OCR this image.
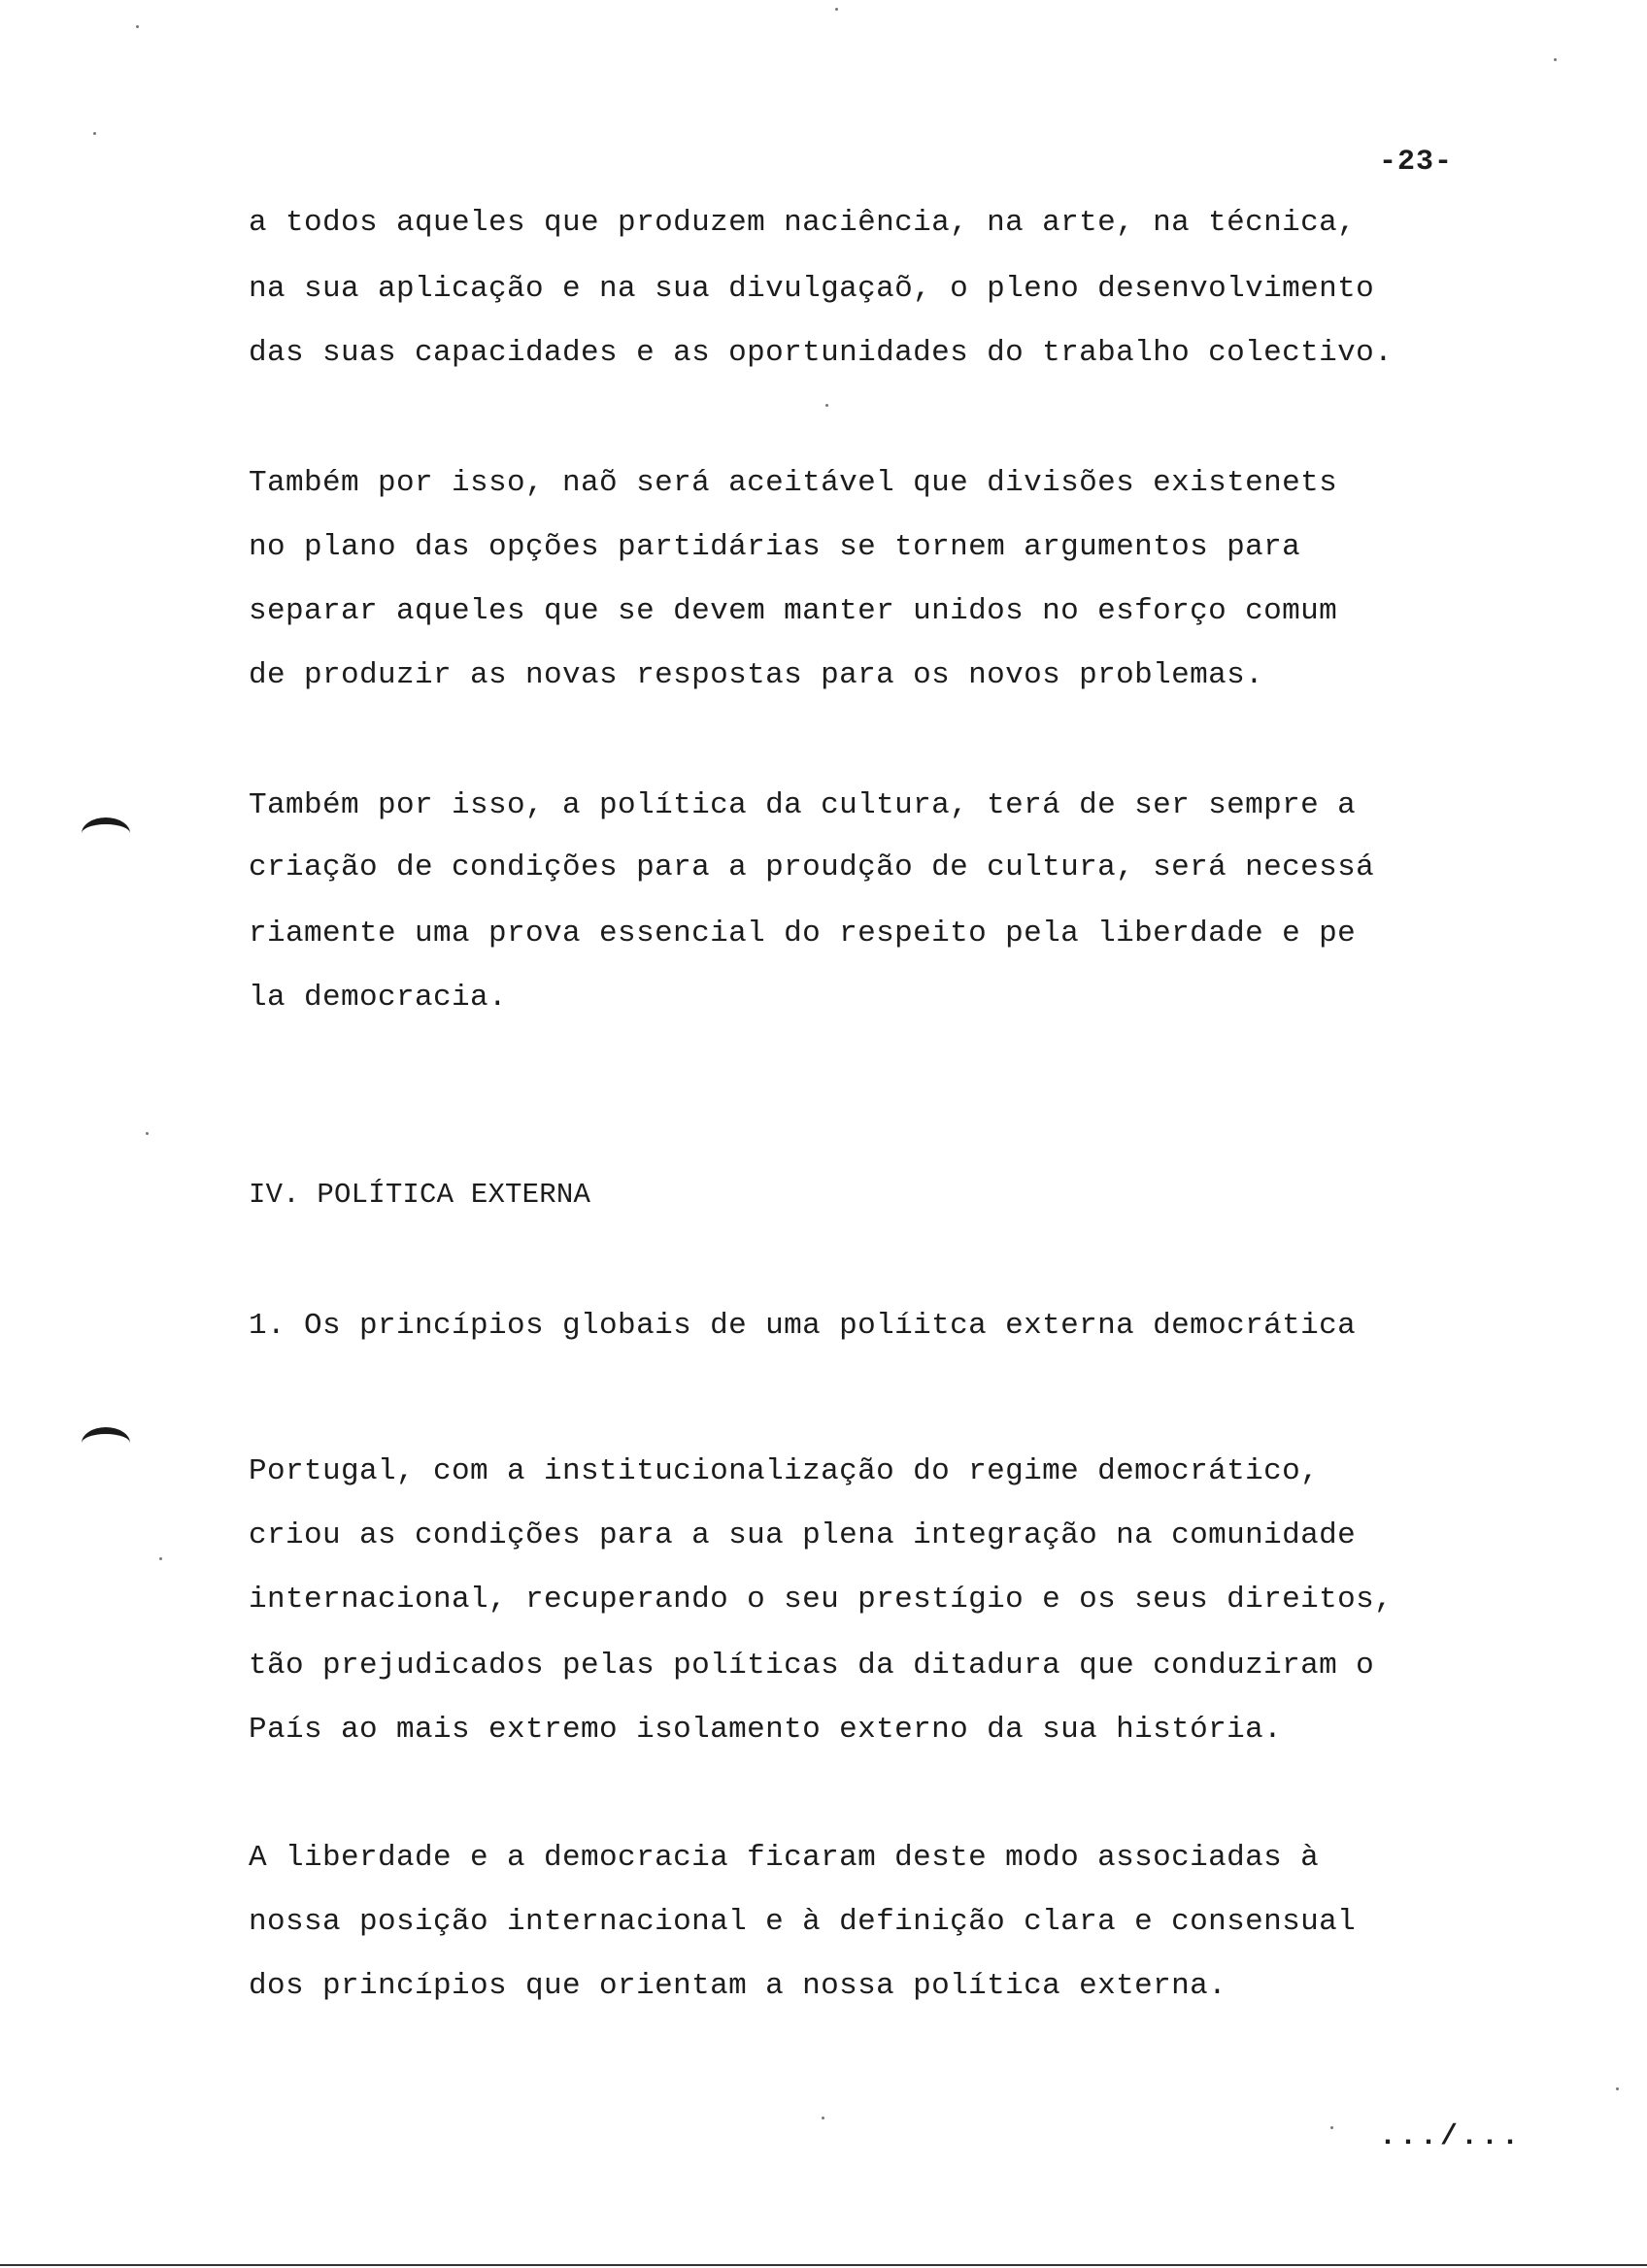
-23-
a todos aqueles que produzem naciência, na arte, na técnica,
na sua aplicação e na sua divulgaçaõ, o pleno desenvolvimento
das suas capacidades e as oportunidades do trabalho colectivo.
Também por isso, naõ será aceitável que divisões existenets
no plano das opções partidárias se tornem argumentos para
separar aqueles que se devem manter unidos no esforço comum
de produzir as novas respostas para os novos problemas.
Também por isso, a política da cultura, terá de ser sempre a
criação de condições para a proudção de cultura, será necessá
riamente uma prova essencial do respeito pela liberdade e pe
la democracia.
IV. POLÍTICA EXTERNA
1. Os princípios globais de uma políitca externa democrática
Portugal, com a institucionalização do regime democrático,
criou as condições para a sua plena integração na comunidade
internacional, recuperando o seu prestígio e os seus direitos,
tão prejudicados pelas políticas da ditadura que conduziram o
País ao mais extremo isolamento externo da sua história.
A liberdade e a democracia ficaram deste modo associadas à
nossa posição internacional e à definição clara e consensual
dos princípios que orientam a nossa política externa.
.../...
